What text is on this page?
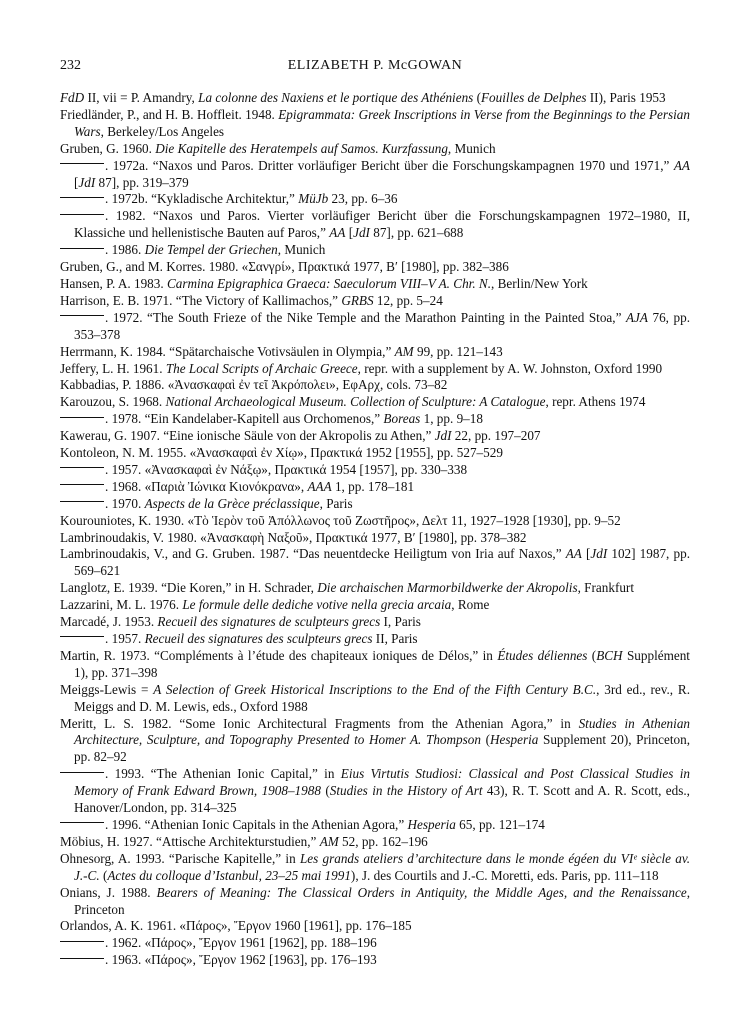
232	ELIZABETH P. McGOWAN
FdD II, vii = P. Amandry, La colonne des Naxiens et le portique des Athéniens (Fouilles de Delphes II), Paris 1953
Friedländer, P., and H. B. Hoffleit. 1948. Epigrammata: Greek Inscriptions in Verse from the Beginnings to the Persian Wars, Berkeley/Los Angeles
Gruben, G. 1960. Die Kapitelle des Heratempels auf Samos. Kurzfassung, Munich
. 1972a. “Naxos und Paros. Dritter vorläufiger Bericht über die Forschungskampagnen 1970 und 1971,” AA [JdI 87], pp. 319–379
. 1972b. “Kykladische Architektur,” MüJb 23, pp. 6–36
. 1982. “Naxos und Paros. Vierter vorläufiger Bericht über die Forschungskampagnen 1972–1980, II, Klassiche und hellenistische Bauten auf Paros,” AA [JdI 87], pp. 621–688
. 1986. Die Tempel der Griechen, Munich
Gruben, G., and M. Korres. 1980. «Σανγρί», Πρακτικά 1977, B′ [1980], pp. 382–386
Hansen, P. A. 1983. Carmina Epigraphica Graeca: Saeculorum VIII–V A. Chr. N., Berlin/New York
Harrison, E. B. 1971. “The Victory of Kallimachos,” GRBS 12, pp. 5–24
. 1972. “The South Frieze of the Nike Temple and the Marathon Painting in the Painted Stoa,” AJA 76, pp. 353–378
Herrmann, K. 1984. “Spätarchaische Votivsäulen in Olympia,” AM 99, pp. 121–143
Jeffery, L. H. 1961. The Local Scripts of Archaic Greece, repr. with a supplement by A. W. Johnston, Oxford 1990
Kabbadias, P. 1886. «Ἀνασκαφαὶ ἐν τεῖ Ἀκρόπολει», ΕφΑρχ, cols. 73–82
Karouzou, S. 1968. National Archaeological Museum. Collection of Sculpture: A Catalogue, repr. Athens 1974
. 1978. “Ein Kandelaber-Kapitell aus Orchomenos,” Boreas 1, pp. 9–18
Kawerau, G. 1907. “Eine ionische Säule von der Akropolis zu Athen,” JdI 22, pp. 197–207
Kontoleon, N. M. 1955. «Ἀνασκαφαὶ ἐν Χίῳ», Πρακτικά 1952 [1955], pp. 527–529
. 1957. «Ἀνασκαφαὶ ἐν Νάξῳ», Πρακτικά 1954 [1957], pp. 330–338
. 1968. «Παριὰ Ἰώνικα Κιονόκρανα», AAA 1, pp. 178–181
. 1970. Aspects de la Grèce préclassique, Paris
Kourouniotes, K. 1930. «Τὸ Ἱερὸν τοῦ Ἀπόλλωνος τοῦ Ζωστῆρος», Δελτ 11, 1927–1928 [1930], pp. 9–52
Lambrinoudakis, V. 1980. «Ἀνασκαφὴ Ναξοῦ», Πρακτικά 1977, B′ [1980], pp. 378–382
Lambrinoudakis, V., and G. Gruben. 1987. “Das neuentdecke Heiligtum von Iria auf Naxos,” AA [JdI 102] 1987, pp. 569–621
Langlotz, E. 1939. “Die Koren,” in H. Schrader, Die archaischen Marmorbildwerke der Akropolis, Frankfurt
Lazzarini, M. L. 1976. Le formule delle dediche votive nella grecia arcaia, Rome
Marcadé, J. 1953. Recueil des signatures de sculpteurs grecs I, Paris
. 1957. Recueil des signatures des sculpteurs grecs II, Paris
Martin, R. 1973. “Compléments à l’étude des chapiteaux ioniques de Délos,” in Études déliennes (BCH Supplément 1), pp. 371–398
Meiggs-Lewis = A Selection of Greek Historical Inscriptions to the End of the Fifth Century B.C., 3rd ed., rev., R. Meiggs and D. M. Lewis, eds., Oxford 1988
Meritt, L. S. 1982. “Some Ionic Architectural Fragments from the Athenian Agora,” in Studies in Athenian Architecture, Sculpture, and Topography Presented to Homer A. Thompson (Hesperia Supplement 20), Princeton, pp. 82–92
. 1993. “The Athenian Ionic Capital,” in Eius Virtutis Studiosi: Classical and Post Classical Studies in Memory of Frank Edward Brown, 1908–1988 (Studies in the History of Art 43), R. T. Scott and A. R. Scott, eds., Hanover/London, pp. 314–325
. 1996. “Athenian Ionic Capitals in the Athenian Agora,” Hesperia 65, pp. 121–174
Möbius, H. 1927. “Attische Architekturstudien,” AM 52, pp. 162–196
Ohnesorg, A. 1993. “Parische Kapitelle,” in Les grands ateliers d’architecture dans le monde égéen du VIᵉ siècle av. J.-C. (Actes du colloque d’Istanbul, 23–25 mai 1991), J. des Courtils and J.-C. Moretti, eds. Paris, pp. 111–118
Onians, J. 1988. Bearers of Meaning: The Classical Orders in Antiquity, the Middle Ages, and the Renaissance, Princeton
Orlandos, A. K. 1961. «Πάρος», Ἔργον 1960 [1961], pp. 176–185
. 1962. «Πάρος», Ἔργον 1961 [1962], pp. 188–196
. 1963. «Πάρος», Ἔργον 1962 [1963], pp. 176–193
